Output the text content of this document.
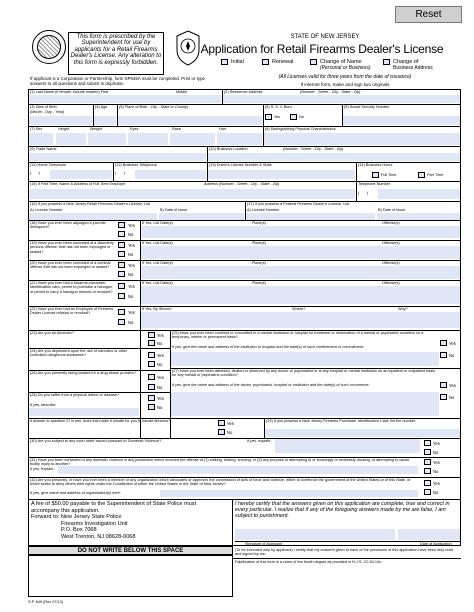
Reset
This form is prescribed by the Superintendent for use by applicants for a Retail Firearms Dealer's License. Any alteration to this form is expressly forbidden.
STATE OF NEW JERSEY
Application for Retail Firearms Dealer's License
Initial	Renewal	Change of Name
(Personal or Business)
Change of
Business Address
If applicant is a Corporation or Partnership, form SP649A must be completed. Print or type answers to all questions and submit in duplicate.
(All Licenses valid for three years from the date of issuance)
If internet form, make and sign two originals
(1) Last Name (if female, include maiden) First	Middle	(2) Residence Address	(Number - Street - City - State - Zip)
(3) Date of Birth
(Month - Day - Year)
(4) Age	(5) Place of Birth - City - State or County)	(6) S. S. C Born
Yes	No
(9) Social Security Number
(7) Sex	Height	Weight	Eyes	Race	Hair	(8) Distinguishing Physical Characteristics
(9) Trade Name	(10) Business Location	(Number - Street - City - State - Zip)
(11) Home Telephone
(       )
(12) Business Telephone
(       )
(13) Driver's License Number & State	(14) Business Hours
Full Time	Part Time
(15) If Part Time, Name & Address of Full Time Employer	Address (Number - Street - City - State - Zip)	Telephone Number
(       )
(16) If you possess a New Jersey Retail Firearms Dealer's License, List
A) License Number	B) Date of Issue
(17) If you possess a Federal Firearms Dealer's License, List
A) License Number	B) Date of Issue
(18) Have you ever been adjudged a juvenile delinquent?	Yes
No
If Yes, List Date(s)	Place(s)	Offense(s)
(19) Have you ever been convicted of a disorderly persons offense, that has not been expunged or sealed?
Yes
No
If Yes, List Date(s)	Place(s)	Offense(s)
(20) Have you ever been convicted of a criminal offense that has not been expunged or sealed?	Yes
No
If Yes, List Date(s)	Place(s)	Offense(s)
(21) Have you ever had a firearms purchaser identification card, permit to purchase a handgun, or permit to carry a handgun refused or revoked?
Yes
No
If Yes, List Date(s)	Place(s)	Offense(s)
(22) Have you ever had an Employee of Firearms Dealer License refused or revoked?	Yes
No
If Yes, By Whom?	Where?	Why?
(23) Are you an Alcoholic?	Yes
No
(24) Are you dependent upon the use of narcotics or other controlled dangerous substance?	Yes
No
(26) Are you presently being treated for a drug abuse problem?
Yes
No
(28) Do you suffer from a physical defect or disease?
Yes
No
If yes, describe
(25) Have you ever been confined or committed to a mental institution or hospital for treatment or observation of a mental or psychiatric condition on a temporary, interim or permanent basis?
If yes, give the name and address of the institution or hospital and the date(s) of such confinement or commitment.
Yes
No
(27) Have you ever been attended, treated or observed by any doctor or psychiatrist or at any hospital or mental institution on an inpatient or outpatient basis for any mental or psychiatric condition?
If yes, give the name and address of the doctor, psychiatrist, hospital or institution and the date(s) of such occurrence.	Yes
No
If answer to question 27 is yes, does this make it unsafe for you to handle firearms?	Yes
No
(29) If you possess a New Jersey Firearms Purchaser Identification Card, list the number.
(30) Are you subject to any court order issued pursuant to Domestic Violence?	If yes, explain:	Yes
No
(31) Have you been convicted of any domestic violence in any jurisdiction which involved the offense of (1) striking, kicking, shoving, or (2) any purpose or attempting to or knowingly or recklessly causing, or attempting to cause bodily injury to another?
If yes, explain:
Yes
No
(32) Are you presently, or have you ever been a member of any organization which advocates or approves the commission of acts of force and violence, either to overthrow the government of the United States or of this State, or which seeks to deny others their rights under the Constitution of either the United States or the State of New Jersey?
If yes, give name and address of organization(s) here:
Yes
No
A fee of $50.00 payable to the Superintendent of State Police must
accompany this application.
Forward to: New Jersey State Police
Firearms Investigation Unit
P.O. Box 7068
West Trenton, NJ 08628-0068
DO NOT WRITE BELOW THIS SPACE
I hereby certify that the answers given on this application are complete, true and correct in every particular. I realize that if any of the foregoing answers made by me are false, I am subject to punishment.
Signature of Applicant	Date of Application
(To be executed only by applicant) I certify that my answers given to each of the provisions of this application have been duly read and signed by me.
Falsification of this form is a crime of the fourth degree as provided in N.J.S. 2C:39-10c.
S.P. 649 (Rev 07/13)
